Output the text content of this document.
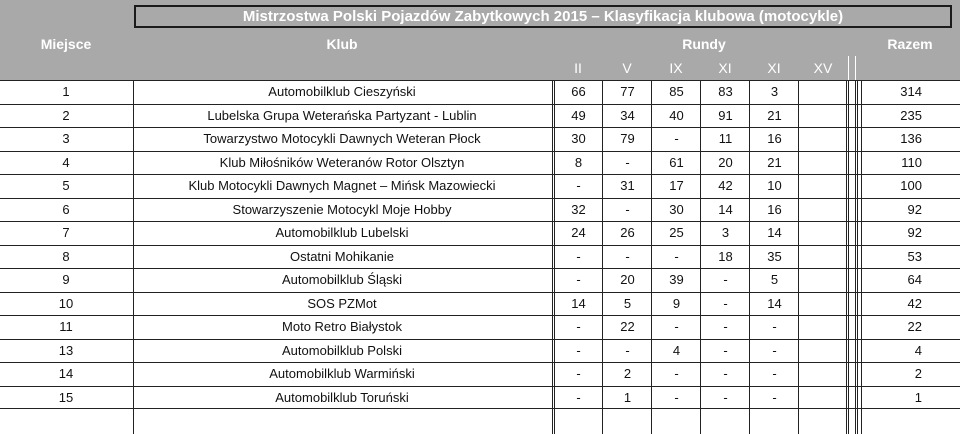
Mistrzostwa Polski Pojazdów Zabytkowych 2015 – Klasyfikacja klubowa (motocykle)
Miejsce	Klub	Rundy	Razem
II	V	IX	XI	XI	XV
1	Automobilklub Cieszyński	66	77	85	83	3	314
2	Lubelska Grupa Weterańska Partyzant - Lublin	49	34	40	91	21	235
3	Towarzystwo Motocykli Dawnych Weteran Płock	30	79	-	11	16	136
4	Klub Miłośników Weteranów Rotor Olsztyn	8	-	61	20	21	110
5	Klub Motocykli Dawnych Magnet – Mińsk Mazowiecki	-	31	17	42	10	100
6	Stowarzyszenie Motocykl Moje Hobby	32	-	30	14	16	92
7	Automobilklub Lubelski	24	26	25	3	14	92
8	Ostatni Mohikanie	-	-	-	18	35	53
9	Automobilklub Śląski	-	20	39	-	5	64
10	SOS PZMot	14	5	9	-	14	42
11	Moto Retro Białystok	-	22	-	-	-	22
13	Automobilklub Polski	-	-	4	-	-	4
14	Automobilklub Warmiński	-	2	-	-	-	2
15	Automobilklub Toruński	-	1	-	-	-	1
